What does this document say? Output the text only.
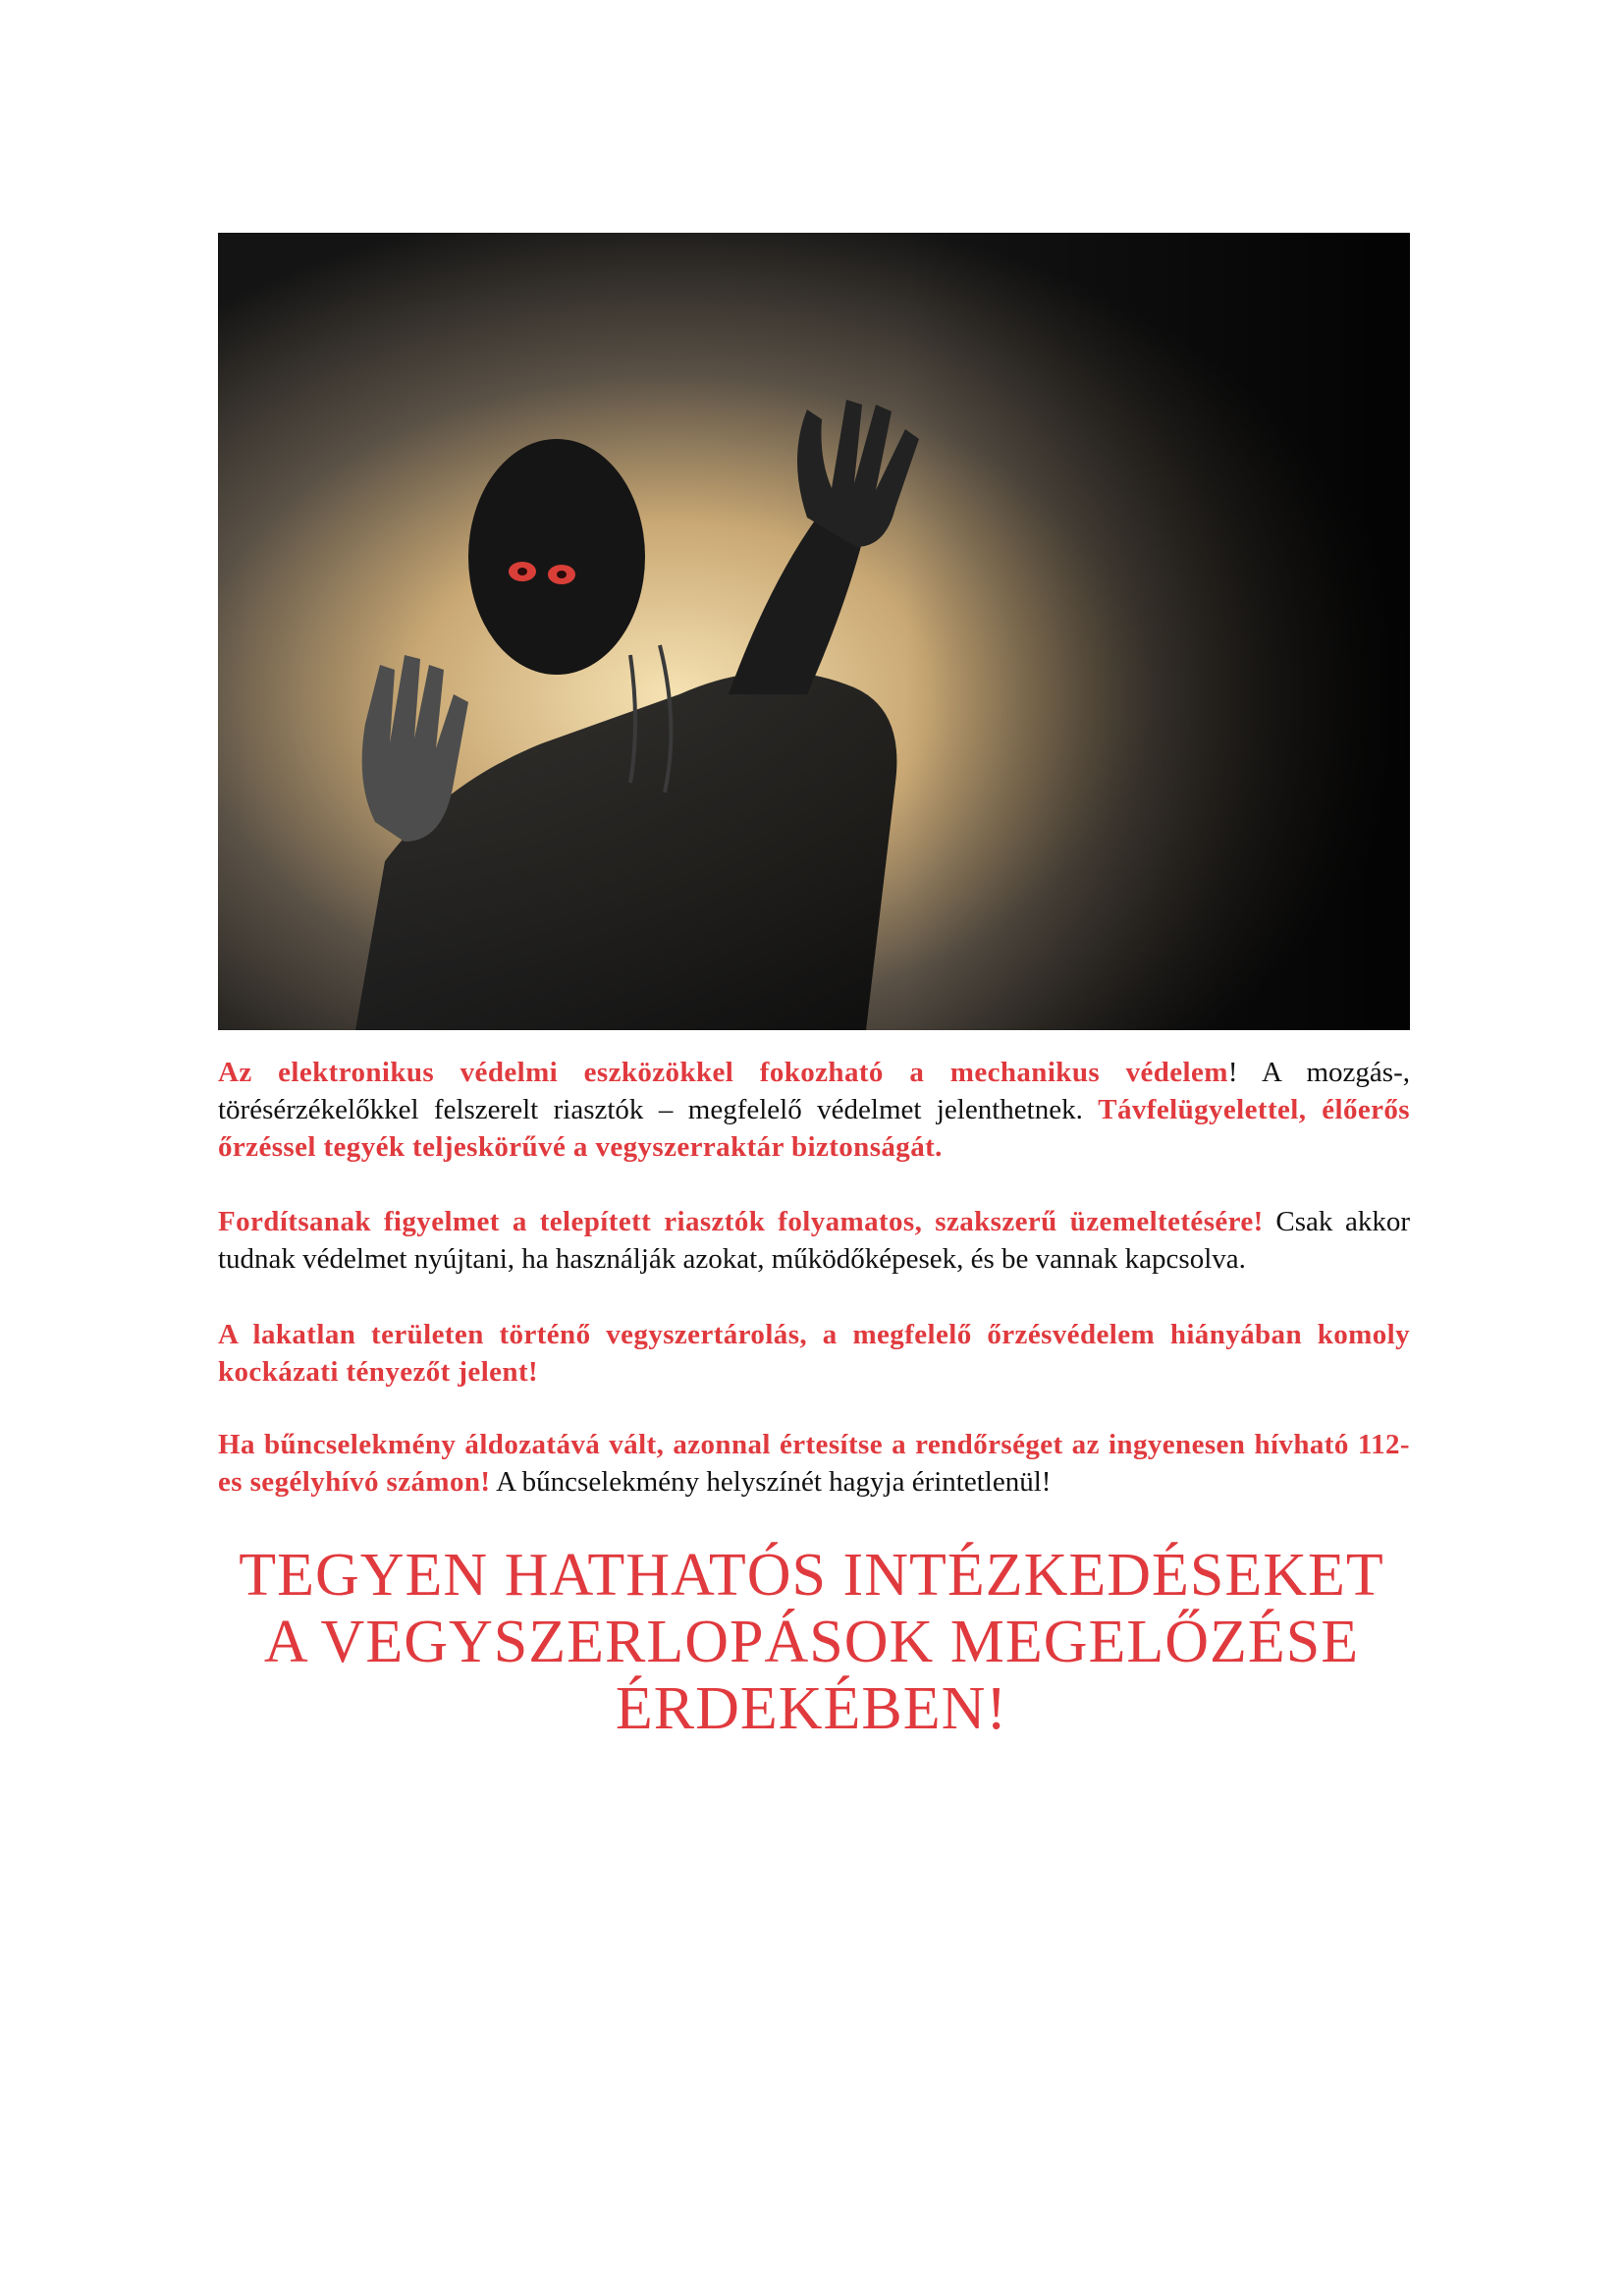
Az elektronikus védelmi eszközökkel fokozható a mechanikus védelem! A mozgás-, törésérzékelőkkel felszerelt riasztók – megfelelő védelmet jelenthetnek. Távfelügyelettel, élőerős őrzéssel tegyék teljeskörűvé a vegyszerraktár biztonságát.
Fordítsanak figyelmet a telepített riasztók folyamatos, szakszerű üzemeltetésére! Csak akkor tudnak védelmet nyújtani, ha használják azokat, működőképesek, és be vannak kapcsolva.
A lakatlan területen történő vegyszertárolás, a megfelelő őrzésvédelem hiányában komoly kockázati tényezőt jelent!
Ha bűncselekmény áldozatává vált, azonnal értesítse a rendőrséget az ingyenesen hívható 112-es segélyhívó számon! A bűncselekmény helyszínét hagyja érintetlenül!
TEGYEN HATHATÓS INTÉZKEDÉSEKET
A VEGYSZERLOPÁSOK MEGELŐZÉSE
ÉRDEKÉBEN!
